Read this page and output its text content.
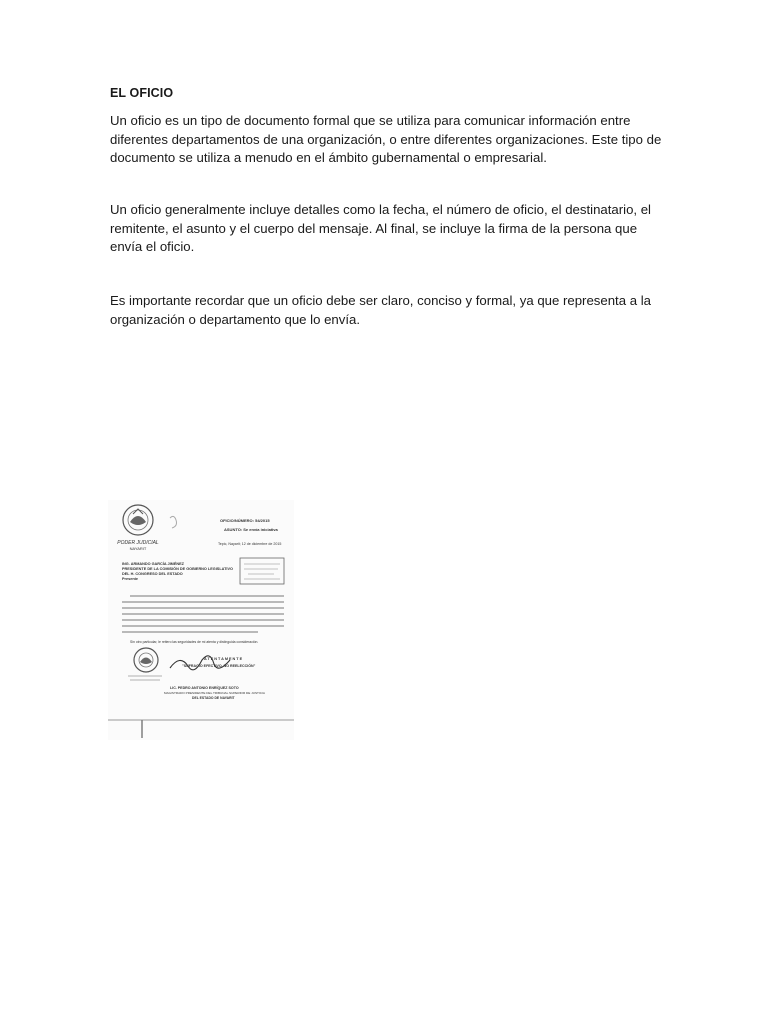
EL OFICIO

Un oficio es un tipo de documento formal que se utiliza para comunicar información entre diferentes departamentos de una organización, o entre diferentes organizaciones. Este tipo de documento se utiliza a menudo en el ámbito gubernamental o empresarial.

Un oficio generalmente incluye detalles como la fecha, el número de oficio, el destinatario, el remitente, el asunto y el cuerpo del mensaje. Al final, se incluye la firma de la persona que envía el oficio.

Es importante recordar que un oficio debe ser claro, conciso y formal, ya que representa a la organización o departamento que lo envía.

PODER JUDICIAL
NAYARIT
OFICIO/NÚMERO: 54/2015
ASUNTO: Se envía iniciativa
Tepic, Nayarit; 12 de diciembre de 2015
ING. ARMANDO GARCÍA JIMÉNEZ
PRESIDENTE DE LA COMISIÓN DE GOBIERNO LEGISLATIVO
DEL H. CONGRESO DEL ESTADO
Presente
Sin otro particular, le reitero las seguridades de mi atenta y distinguida consideración.
ATENTAMENTE
"SUFRAGIO EFECTIVO. NO REELECCIÓN"
LIC. PEDRO ANTONIO ENRÍQUEZ SOTO
MAGISTRADO PRESIDENTE DEL TRIBUNAL SUPERIOR DE JUSTICIA
DEL ESTADO DE NAYARIT
